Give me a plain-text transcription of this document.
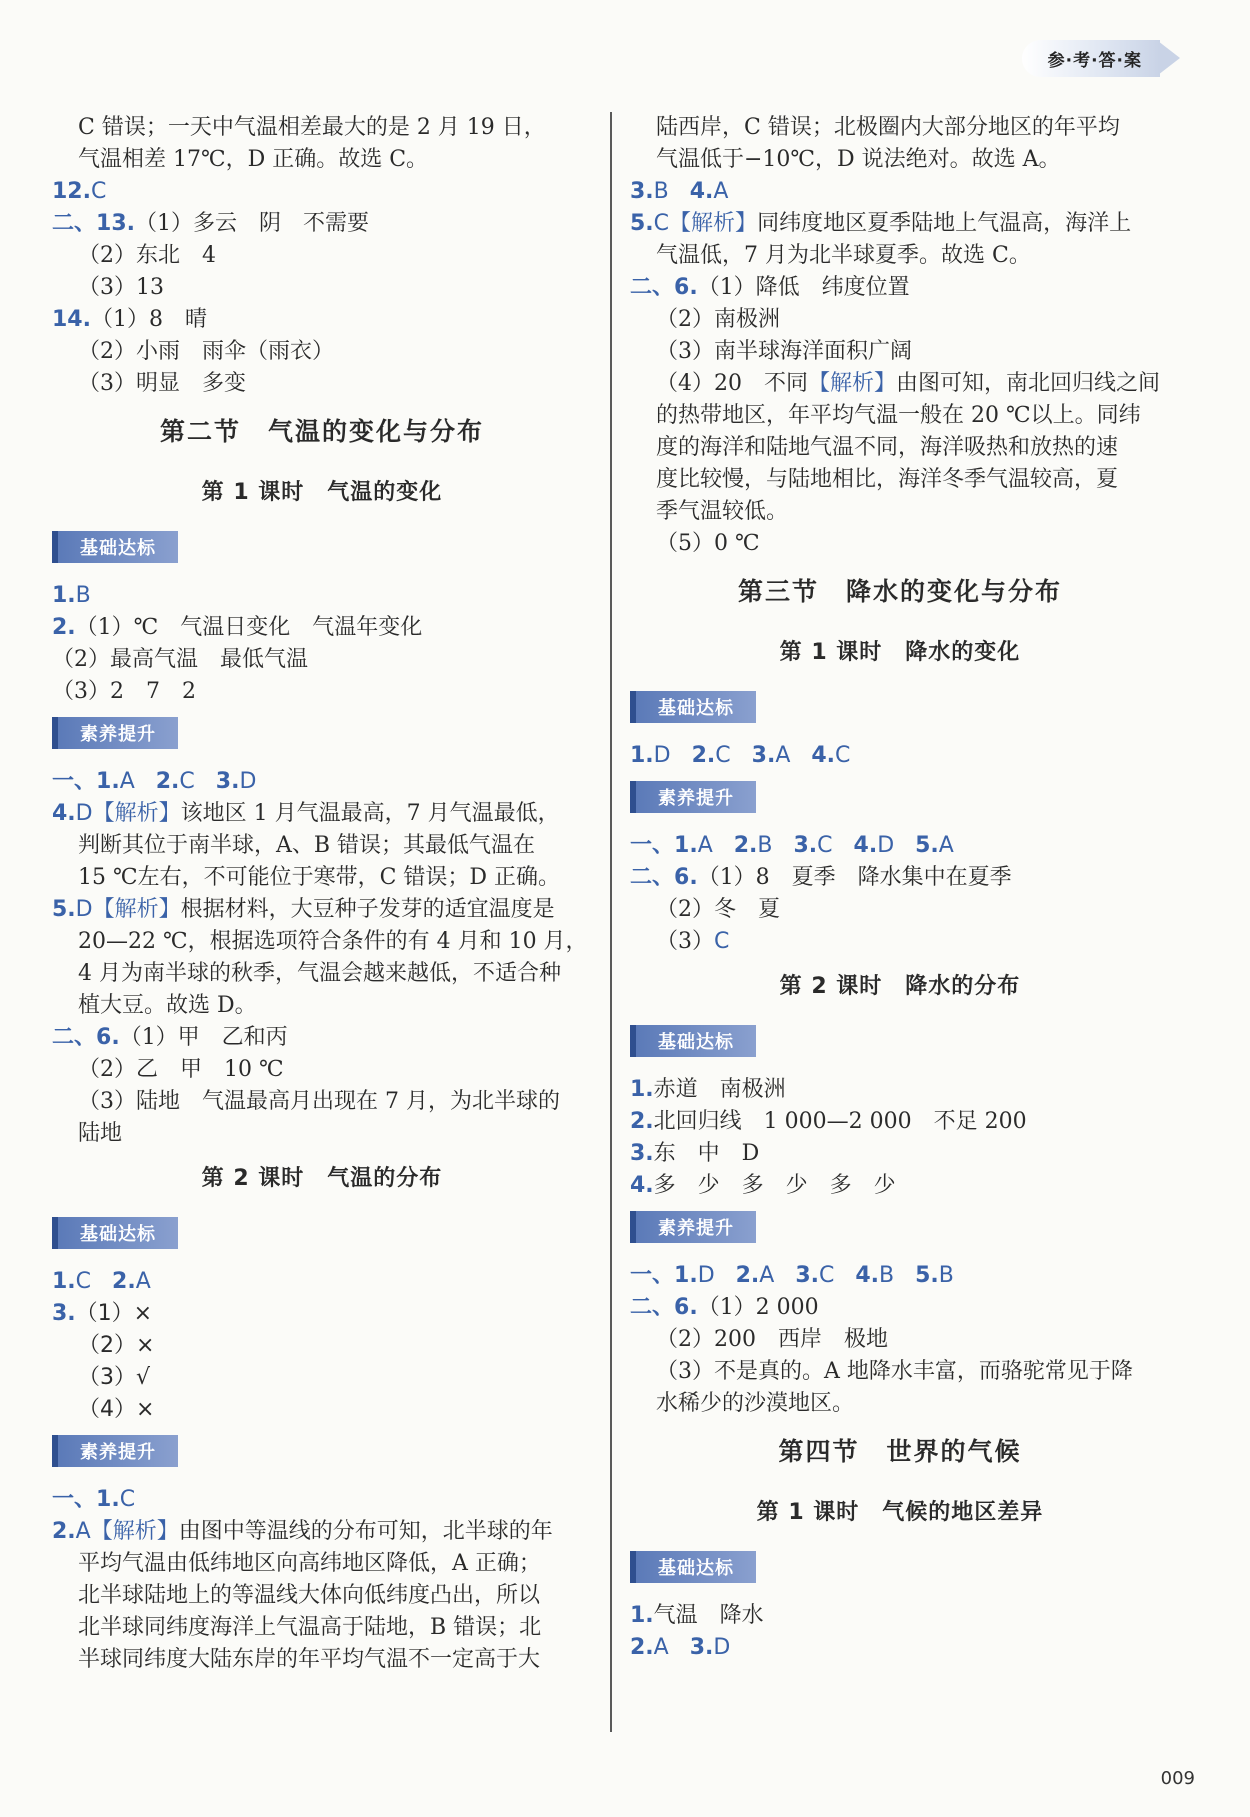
参·考·答·案
C 错误；一天中气温相差最大的是 2 月 19 日，
气温相差 17℃，D 正确。故选 C。
12.C
二、13.（1）多云　阴　不需要
（2）东北　4
（3）13
14.（1）8　晴
（2）小雨　雨伞（雨衣）
（3）明显　多变
第二节　气温的变化与分布
第 1 课时　气温的变化
基础达标
1.B
2.（1）℃　气温日变化　气温年变化
（2）最高气温　最低气温
（3）2　7　2
素养提升
一、1.A 2.C 3.D
4.D【解析】该地区 1 月气温最高，7 月气温最低，
判断其位于南半球，A、B 错误；其最低气温在
15 ℃左右，不可能位于寒带，C 错误；D 正确。
5.D【解析】根据材料，大豆种子发芽的适宜温度是
20—22 ℃，根据选项符合条件的有 4 月和 10 月，
4 月为南半球的秋季，气温会越来越低，不适合种
植大豆。故选 D。
二、6.（1）甲　乙和丙
（2）乙　甲　10 ℃
（3）陆地　气温最高月出现在 7 月，为北半球的
陆地
第 2 课时　气温的分布
基础达标
1.C 2.A
3.（1）×
（2）×
（3）√
（4）×
素养提升
一、1.C
2.A【解析】由图中等温线的分布可知，北半球的年
平均气温由低纬地区向高纬地区降低，A 正确；
北半球陆地上的等温线大体向低纬度凸出，所以
北半球同纬度海洋上气温高于陆地，B 错误；北
半球同纬度大陆东岸的年平均气温不一定高于大
陆西岸，C 错误；北极圈内大部分地区的年平均
气温低于−10℃，D 说法绝对。故选 A。
3.B 4.A
5.C【解析】同纬度地区夏季陆地上气温高，海洋上
气温低，7 月为北半球夏季。故选 C。
二、6.（1）降低　纬度位置
（2）南极洲
（3）南半球海洋面积广阔
（4）20　不同【解析】由图可知，南北回归线之间
的热带地区，年平均气温一般在 20 ℃以上。同纬
度的海洋和陆地气温不同，海洋吸热和放热的速
度比较慢，与陆地相比，海洋冬季气温较高，夏
季气温较低。
（5）0 ℃
第三节　降水的变化与分布
第 1 课时　降水的变化
基础达标
1.D 2.C 3.A 4.C
素养提升
一、1.A 2.B 3.C 4.D 5.A
二、6.（1）8　夏季　降水集中在夏季
（2）冬　夏
（3）C
第 2 课时　降水的分布
基础达标
1.赤道　南极洲
2.北回归线　1 000—2 000　不足 200
3.东　中　D
4.多　少　多　少　多　少
素养提升
一、1.D 2.A 3.C 4.B 5.B
二、6.（1）2 000
（2）200　西岸　极地
（3）不是真的。A 地降水丰富，而骆驼常见于降
水稀少的沙漠地区。
第四节　世界的气候
第 1 课时　气候的地区差异
基础达标
1.气温　降水
2.A 3.D
009
